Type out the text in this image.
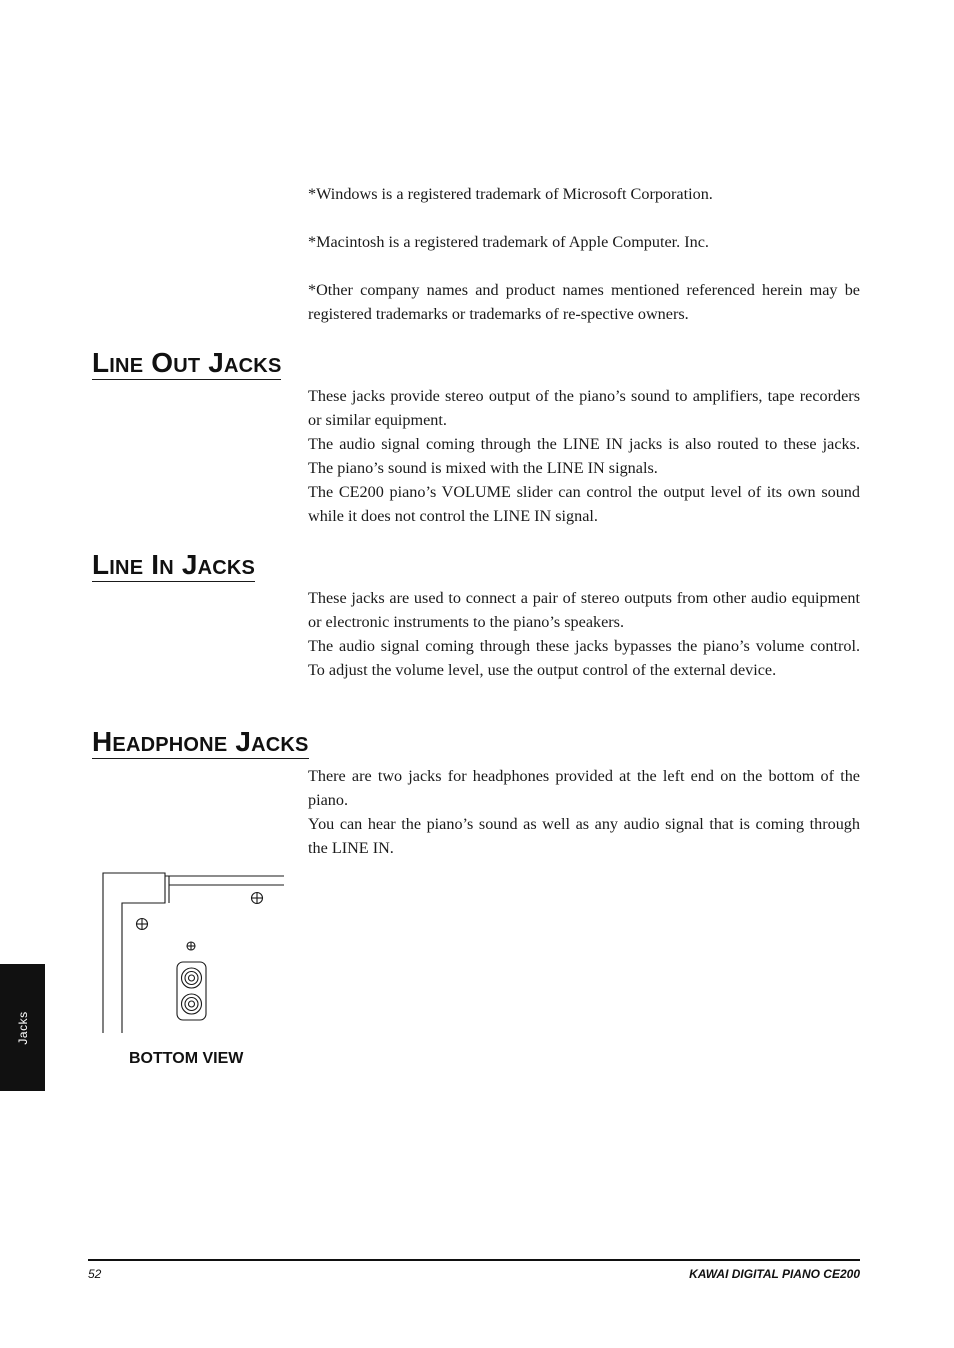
*Windows is a registered trademark of Microsoft Corporation.

*Macintosh is a registered trademark of Apple Computer. Inc.

*Other company names and product names mentioned referenced herein may be registered trademarks or trademarks of re-spective owners.

Line Out Jacks

These jacks provide stereo output of the piano’s sound to amplifiers, tape recorders or similar equipment.

The audio signal coming through the LINE IN jacks is also routed to these jacks. The piano’s sound is mixed with the LINE IN signals.

The CE200 piano’s VOLUME slider can control the output level of its own sound while it does not control the LINE IN signal.

Line In Jacks

These jacks are used to connect a pair of stereo outputs from other audio equipment or electronic instruments to the piano’s speakers.

The audio signal coming through these jacks bypasses the piano’s volume control. To adjust the volume level, use the output control of the external device.

Headphone Jacks

There are two jacks for headphones provided at the left end on the bottom of the piano.

You can hear the piano’s sound as well as any audio signal that is coming through the LINE IN.

BOTTOM VIEW
Jacks
52	KAWAI DIGITAL PIANO CE200
